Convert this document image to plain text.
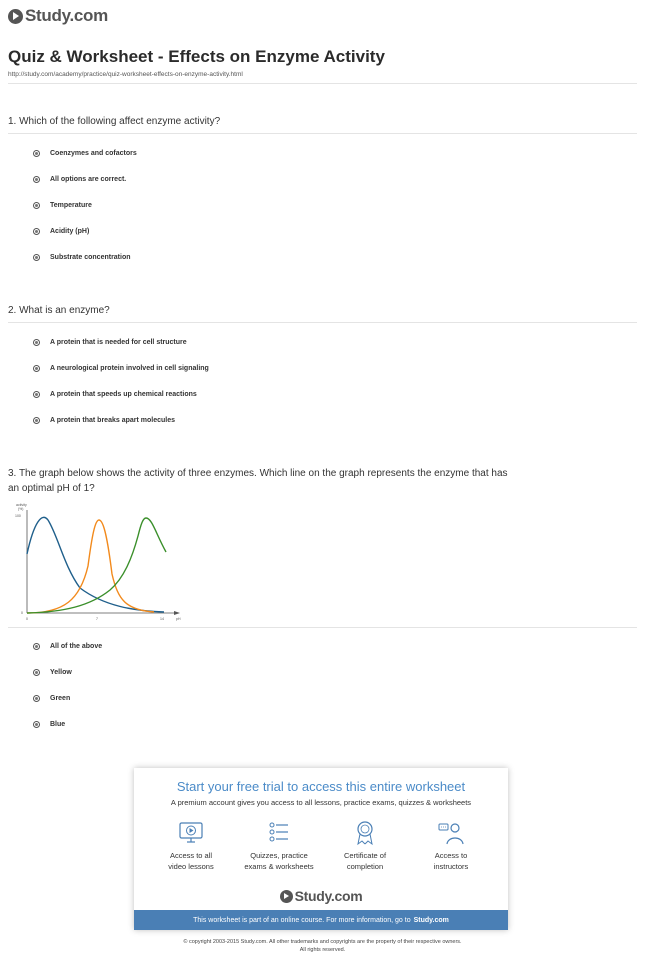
Study.com
Quiz & Worksheet - Effects on Enzyme Activity
http://study.com/academy/practice/quiz-worksheet-effects-on-enzyme-activity.html
1. Which of the following affect enzyme activity?
Coenzymes and cofactors
All options are correct.
Temperature
Acidity (pH)
Substrate concentration
2. What is an enzyme?
A protein that is needed for cell structure
A neurological protein involved in cell signaling
A protein that speeds up chemical reactions
A protein that breaks apart molecules
3. The graph below shows the activity of three enzymes. Which line on the graph represents the enzyme that has an optimal pH of 1?
activity
(%)
100
0
0	7	14	pH
All of the above
Yellow
Green
Blue
Start your free trial to access this entire worksheet
A premium account gives you access to all lessons, practice exams, quizzes & worksheets
Access to all
video lessons
Quizzes, practice
exams & worksheets
Certificate of
completion
Access to
instructors
Study.com
This worksheet is part of an online course. For more information, go to Study.com
© copyright 2003-2015 Study.com. All other trademarks and copyrights are the property of their respective owners.
All rights reserved.
